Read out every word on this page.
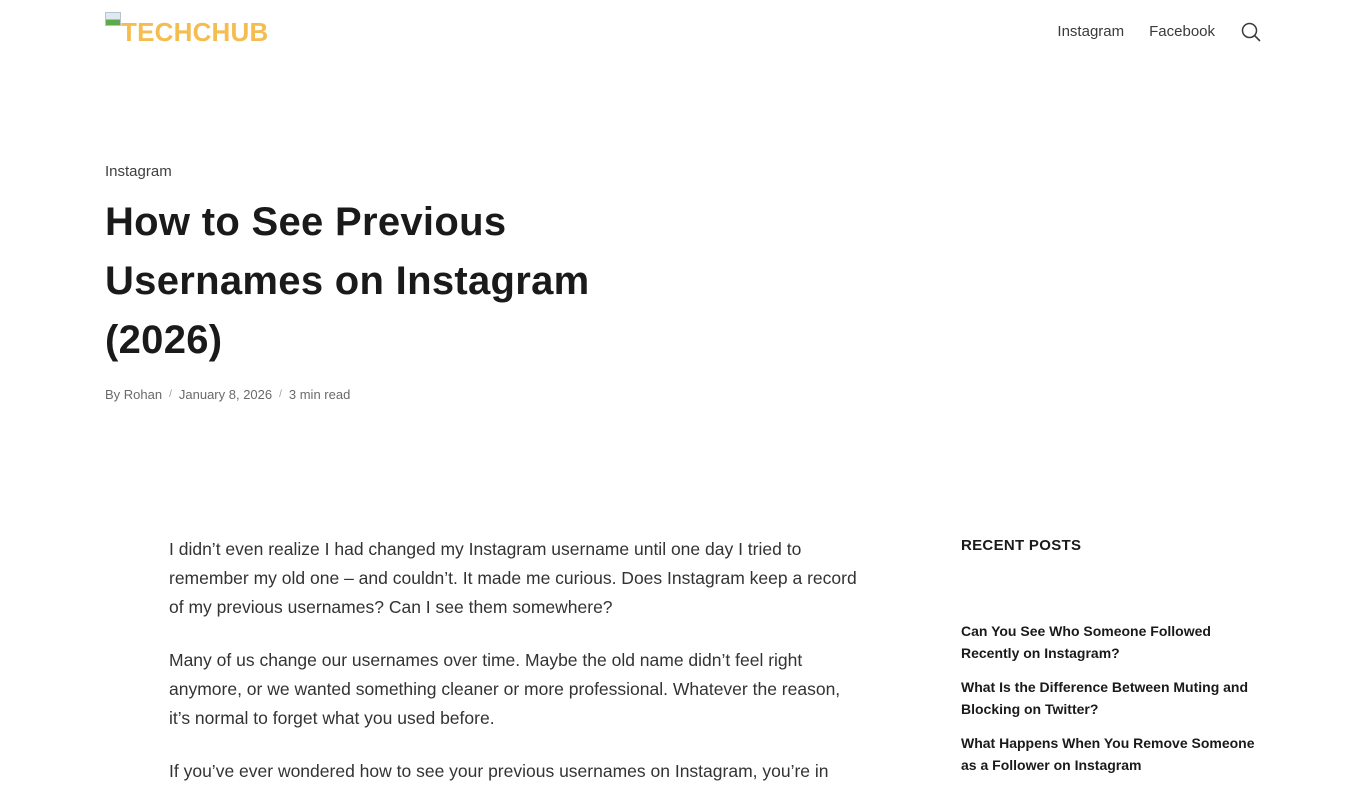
TECHCHUB	Instagram Facebook
Instagram
How to See Previous Usernames on Instagram (2026)
By Rohan / January 8, 2026 / 3 min read

I didn’t even realize I had changed my Instagram username until one day I tried to remember my old one – and couldn’t. It made me curious. Does Instagram keep a record of my previous usernames? Can I see them somewhere?

Many of us change our usernames over time. Maybe the old name didn’t feel right anymore, or we wanted something cleaner or more professional. Whatever the reason, it’s normal to forget what you used before.

If you’ve ever wondered how to see your previous usernames on Instagram, you’re in

RECENT POSTS
Can You See Who Someone Followed Recently on Instagram?
What Is the Difference Between Muting and Blocking on Twitter?
What Happens When You Remove Someone as a Follower on Instagram
